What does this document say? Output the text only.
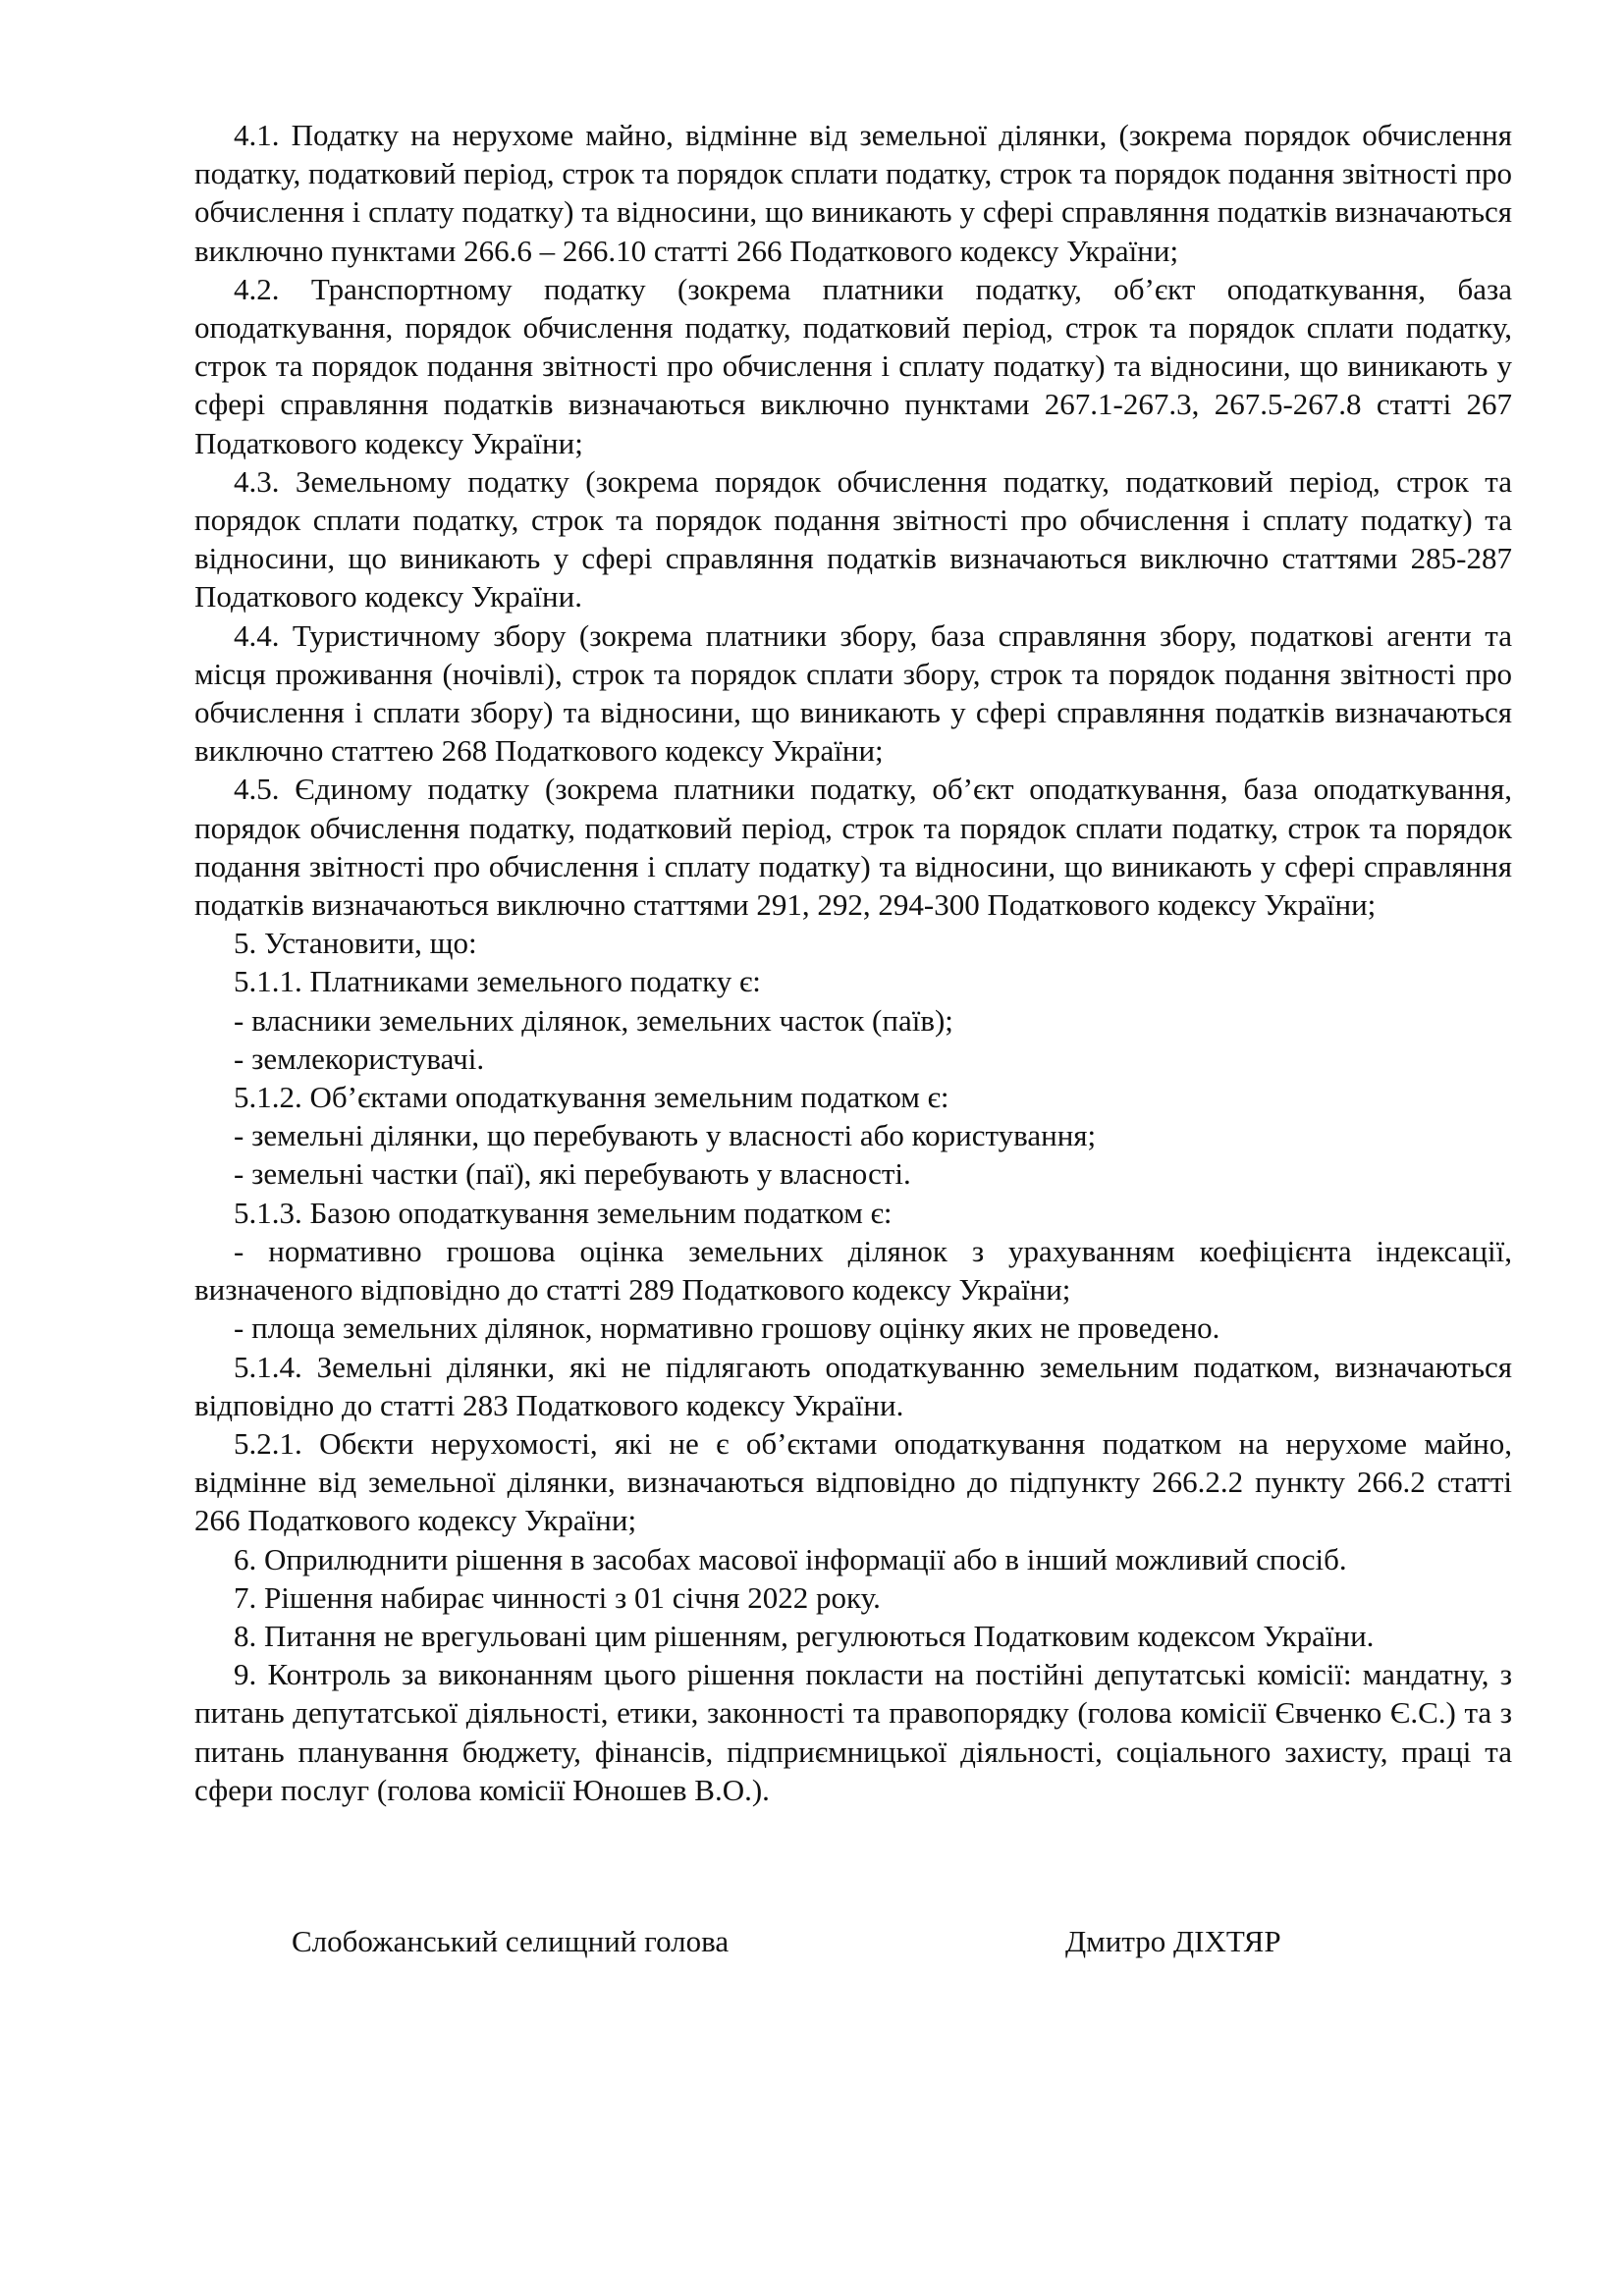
4.1. Податку на нерухоме майно, відмінне від земельної ділянки, (зокрема порядок обчислення податку, податковий період, строк та порядок сплати податку, строк та порядок подання звітності про обчислення і сплату податку) та відносини, що виникають у сфері справляння податків визначаються виключно пунктами 266.6 – 266.10 статті 266 Податкового кодексу України;

4.2. Транспортному податку (зокрема платники податку, об’єкт оподаткування, база оподаткування, порядок обчислення податку, податковий період, строк та порядок сплати податку, строк та порядок подання звітності про обчислення і сплату податку) та відносини, що виникають у сфері справляння податків визначаються виключно пунктами 267.1-267.3, 267.5-267.8 статті 267 Податкового кодексу України;

4.3. Земельному податку (зокрема порядок обчислення податку, податковий період, строк та порядок сплати податку, строк та порядок подання звітності про обчислення і сплату податку) та відносини, що виникають у сфері справляння податків визначаються виключно статтями 285-287 Податкового кодексу України.

4.4. Туристичному збору (зокрема платники збору, база справляння збору, податкові агенти та місця проживання (ночівлі), строк та порядок сплати збору, строк та порядок подання звітності про обчислення і сплати збору) та відносини, що виникають у сфері справляння податків визначаються виключно статтею 268 Податкового кодексу України;

4.5. Єдиному податку (зокрема платники податку, об’єкт оподаткування, база оподаткування, порядок обчислення податку, податковий період, строк та порядок сплати податку, строк та порядок подання звітності про обчислення і сплату податку) та відносини, що виникають у сфері справляння податків визначаються виключно статтями 291, 292, 294-300 Податкового кодексу України;

5. Установити, що:

5.1.1. Платниками земельного податку є:

- власники земельних ділянок, земельних часток (паїв);

- землекористувачі.

5.1.2. Об’єктами оподаткування земельним податком є:

- земельні ділянки, що перебувають у власності або користування;

- земельні частки (паї), які перебувають у власності.

5.1.3. Базою оподаткування земельним податком є:

- нормативно грошова оцінка земельних ділянок з урахуванням коефіцієнта індексації, визначеного відповідно до статті 289 Податкового кодексу України;

- площа земельних ділянок, нормативно грошову оцінку яких не проведено.

5.1.4. Земельні ділянки, які не підлягають оподаткуванню земельним податком, визначаються відповідно до статті 283 Податкового кодексу України.

5.2.1. Обєкти нерухомості, які не є об’єктами оподаткування податком на нерухоме майно, відмінне від земельної ділянки, визначаються відповідно до підпункту 266.2.2 пункту 266.2 статті 266 Податкового кодексу України;

6. Оприлюднити рішення в засобах масової інформації або в інший можливий спосіб.

7. Рішення набирає чинності з 01 січня 2022 року.

8. Питання не врегульовані цим рішенням, регулюються Податковим кодексом України.

9. Контроль за виконанням цього рішення покласти на постійні депутатські комісії: мандатну, з питань депутатської діяльності, етики, законності та правопорядку (голова комісії Євченко Є.С.) та з питань планування бюджету, фінансів, підприємницької діяльності, соціального захисту, праці та сфери послуг (голова комісії Юношев В.О.).

Слобожанський селищний голова	Дмитро ДІХТЯР
